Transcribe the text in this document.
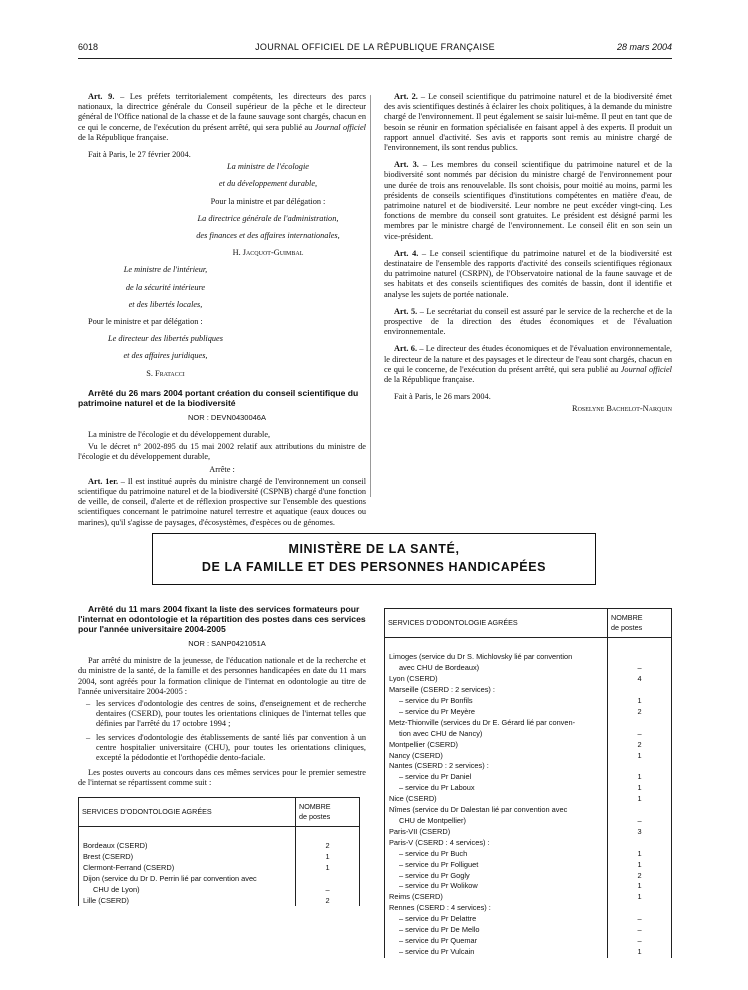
6018	JOURNAL OFFICIEL DE LA RÉPUBLIQUE FRANÇAISE	28 mars 2004

Art. 9. – Les préfets territorialement compétents, les directeurs des parcs nationaux, la directrice générale du Conseil supérieur de la pêche et le directeur général de l'Office national de la chasse et de la faune sauvage sont chargés, chacun en ce qui le concerne, de l'exécution du présent arrêté, qui sera publié au Journal officiel de la République française.

Fait à Paris, le 27 février 2004.

La ministre de l'écologie

et du développement durable,

Pour la ministre et par délégation :

La directrice générale de l'administration,

des finances et des affaires internationales,

H. Jacquot-Guimbal

Le ministre de l'intérieur,

de la sécurité intérieure

et des libertés locales,

Pour le ministre et par délégation :

Le directeur des libertés publiques

et des affaires juridiques,

S. Fratacci

Arrêté du 26 mars 2004 portant création du conseil scientifique du patrimoine naturel et de la biodiversité

NOR : DEVN0430046A

La ministre de l'écologie et du développement durable,

Vu le décret n° 2002-895 du 15 mai 2002 relatif aux attributions du ministre de l'écologie et du développement durable,

Arrête :

Art. 1er. – Il est institué auprès du ministre chargé de l'environnement un conseil scientifique du patrimoine naturel et de la biodiversité (CSPNB) chargé d'une fonction de veille, de conseil, d'alerte et de réflexion prospective sur l'ensemble des questions scientifiques concernant le patrimoine naturel terrestre et aquatique (eaux douces ou marines), qu'il s'agisse de paysages, d'écosystèmes, d'espèces ou de génomes.

Art. 2. – Le conseil scientifique du patrimoine naturel et de la biodiversité émet des avis scientifiques destinés à éclairer les choix politiques, à la demande du ministre chargé de l'environnement. Il peut également se saisir lui-même. Il peut en tant que de besoin se réunir en formation spécialisée en faisant appel à des experts. Il produit un rapport annuel d'activité. Ses avis et rapports sont remis au ministre chargé de l'environnement, ils sont rendus publics.

Art. 3. – Les membres du conseil scientifique du patrimoine naturel et de la biodiversité sont nommés par décision du ministre chargé de l'environnement pour une durée de trois ans renouvelable. Ils sont choisis, pour moitié au moins, parmi les présidents de conseils scientifiques d'institutions compétentes en matière d'eau, de patrimoine naturel et de biodiversité. Leur nombre ne peut excéder vingt-cinq. Les fonctions de membre du conseil sont gratuites. Le président est désigné parmi les membres par le ministre chargé de l'environnement. Le conseil élit en son sein un vice-président.

Art. 4. – Le conseil scientifique du patrimoine naturel et de la biodiversité est destinataire de l'ensemble des rapports d'activité des conseils scientifiques régionaux du patrimoine naturel (CSRPN), de l'Observatoire national de la faune sauvage et de ses habitats et des conseils scientifiques des comités de bassin, dont il identifie et analyse les sujets de portée nationale.

Art. 5. – Le secrétariat du conseil est assuré par le service de la recherche et de la prospective de la direction des études économiques et de l'évaluation environnementale.

Art. 6. – Le directeur des études économiques et de l'évaluation environnementale, le directeur de la nature et des paysages et le directeur de l'eau sont chargés, chacun en ce qui le concerne, de l'exécution du présent arrêté, qui sera publié au Journal officiel de la République française.

Fait à Paris, le 26 mars 2004.

Roselyne Bachelot-Narquin

MINISTÈRE DE LA SANTÉ,
DE LA FAMILLE ET DES PERSONNES HANDICAPÉES

Arrêté du 11 mars 2004 fixant la liste des services formateurs pour l'internat en odontologie et la répartition des postes dans ces services pour l'année universitaire 2004-2005

NOR : SANP0421051A

Par arrêté du ministre de la jeunesse, de l'éducation nationale et de la recherche et du ministre de la santé, de la famille et des personnes handicapées en date du 11 mars 2004, sont agréés pour la formation clinique de l'internat en odontologie au titre de l'année universitaire 2004-2005 :

– les services d'odontologie des centres de soins, d'enseignement et de recherche dentaires (CSERD), pour toutes les orientations cliniques de l'internat telles que définies par l'arrêté du 17 octobre 1994 ;
– les services d'odontologie des établissements de santé liés par convention à un centre hospitalier universitaire (CHU), pour toutes les orientations cliniques, excepté la pédodontie et l'orthopédie dento-faciale.

Les postes ouverts au concours dans ces mêmes services pour le premier semestre de l'internat se répartissent comme suit :

SERVICES D'ODONTOLOGIE AGRÉES	NOMBRE
de postes

Bordeaux (CSERD)	2
Brest (CSERD)	1
Clermont-Ferrand (CSERD)	1
Dijon (service du Dr D. Perrin lié par convention avec	
CHU de Lyon)	–
Lille (CSERD)	2
SERVICES D'ODONTOLOGIE AGRÉES	NOMBRE
de postes

Limoges (service du Dr S. Michlovsky lié par convention	
avec CHU de Bordeaux)	–
Lyon (CSERD)	4
Marseille (CSERD : 2 services) :	
– service du Pr Bonfils	1
– service du Pr Meyère	2
Metz-Thionville (services du Dr E. Gérard lié par conven-	
tion avec CHU de Nancy)	–
Montpellier (CSERD)	2
Nancy (CSERD)	1
Nantes (CSERD : 2 services) :	
– service du Pr Daniel	1
– service du Pr Laboux	1
Nice (CSERD)	1
Nîmes (service du Dr Dalestan lié par convention avec	
CHU de Montpellier)	–
Paris-VII (CSERD)	3
Paris-V (CSERD : 4 services) :	
– service du Pr Buch	1
– service du Pr Folliguet	1
– service du Pr Gogly	2
– service du Pr Wolikow	1
Reims (CSERD)	1
Rennes (CSERD : 4 services) :	
– service du Pr Delattre	–
– service du Pr De Mello	–
– service du Pr Quemar	–
– service du Pr Vulcain	1
